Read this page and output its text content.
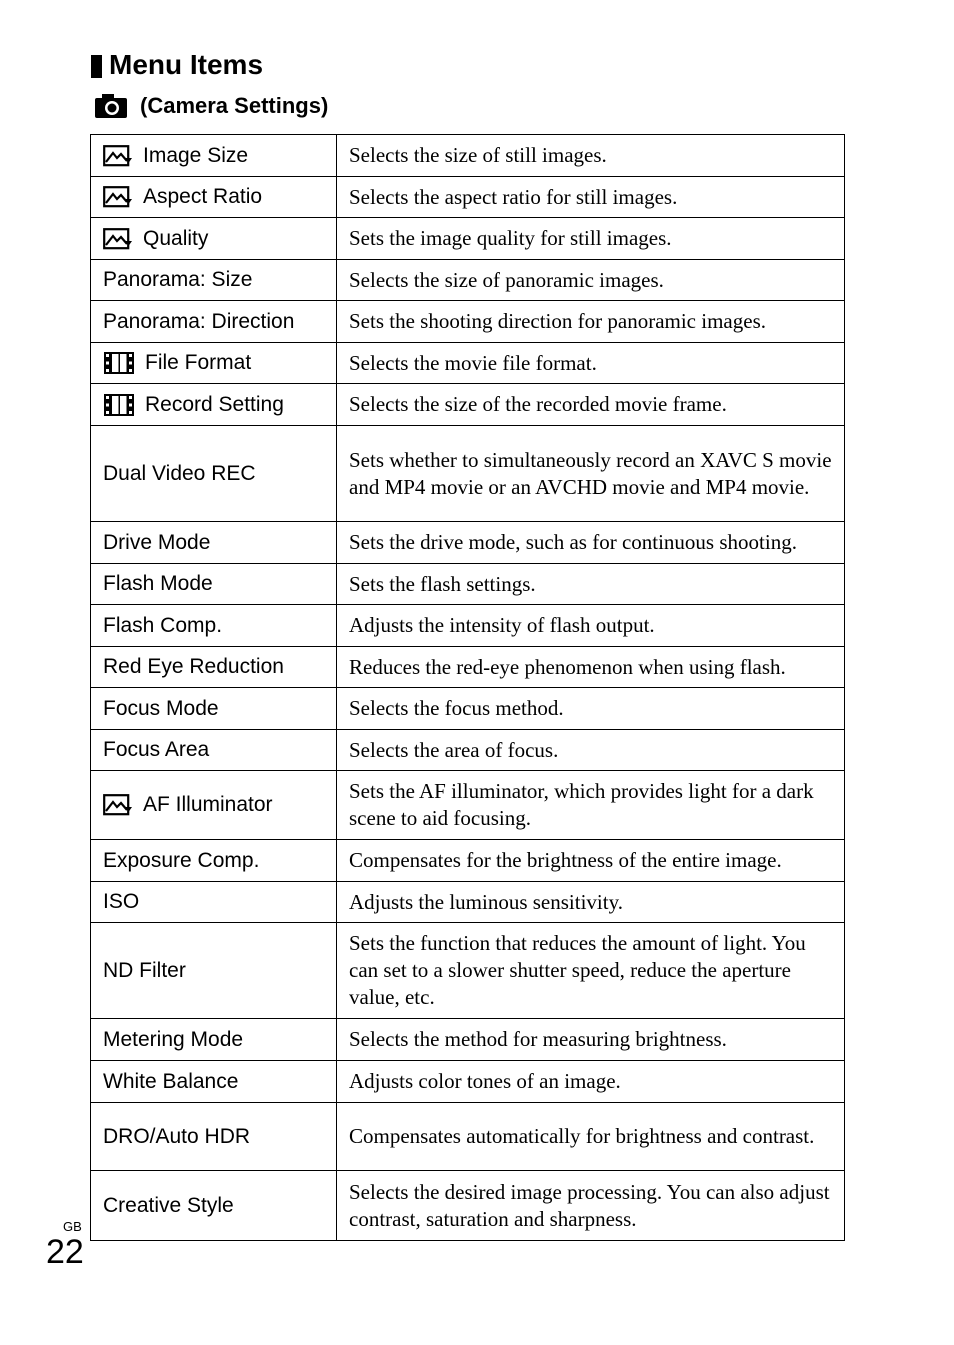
Menu Items
(Camera Settings)
Image Size	Selects the size of still images.

Aspect Ratio	Selects the aspect ratio for still images.

Quality	Sets the image quality for still images.

Panorama: Size	Selects the size of panoramic images.

Panorama: Direction	Sets the shooting direction for panoramic images.

File Format	Selects the movie file format.

Record Setting	Selects the size of the recorded movie frame.

Dual Video REC	Sets whether to simultaneously record an XAVC S movie and MP4 movie or an AVCHD movie and MP4 movie.

Drive Mode	Sets the drive mode, such as for continuous shooting.

Flash Mode	Sets the flash settings.

Flash Comp.	Adjusts the intensity of flash output.

Red Eye Reduction	Reduces the red-eye phenomenon when using flash.

Focus Mode	Selects the focus method.

Focus Area	Selects the area of focus.

AF Illuminator	Sets the AF illuminator, which provides light for a dark scene to aid focusing.

Exposure Comp.	Compensates for the brightness of the entire image.

ISO	Adjusts the luminous sensitivity.

ND Filter	Sets the function that reduces the amount of light. You can set to a slower shutter speed, reduce the aperture value, etc.

Metering Mode	Selects the method for measuring brightness.

White Balance	Adjusts color tones of an image.

DRO/Auto HDR	Compensates automatically for brightness and contrast.

Creative Style	Selects the desired image processing. You can also adjust contrast, saturation and sharpness.
GB
22
